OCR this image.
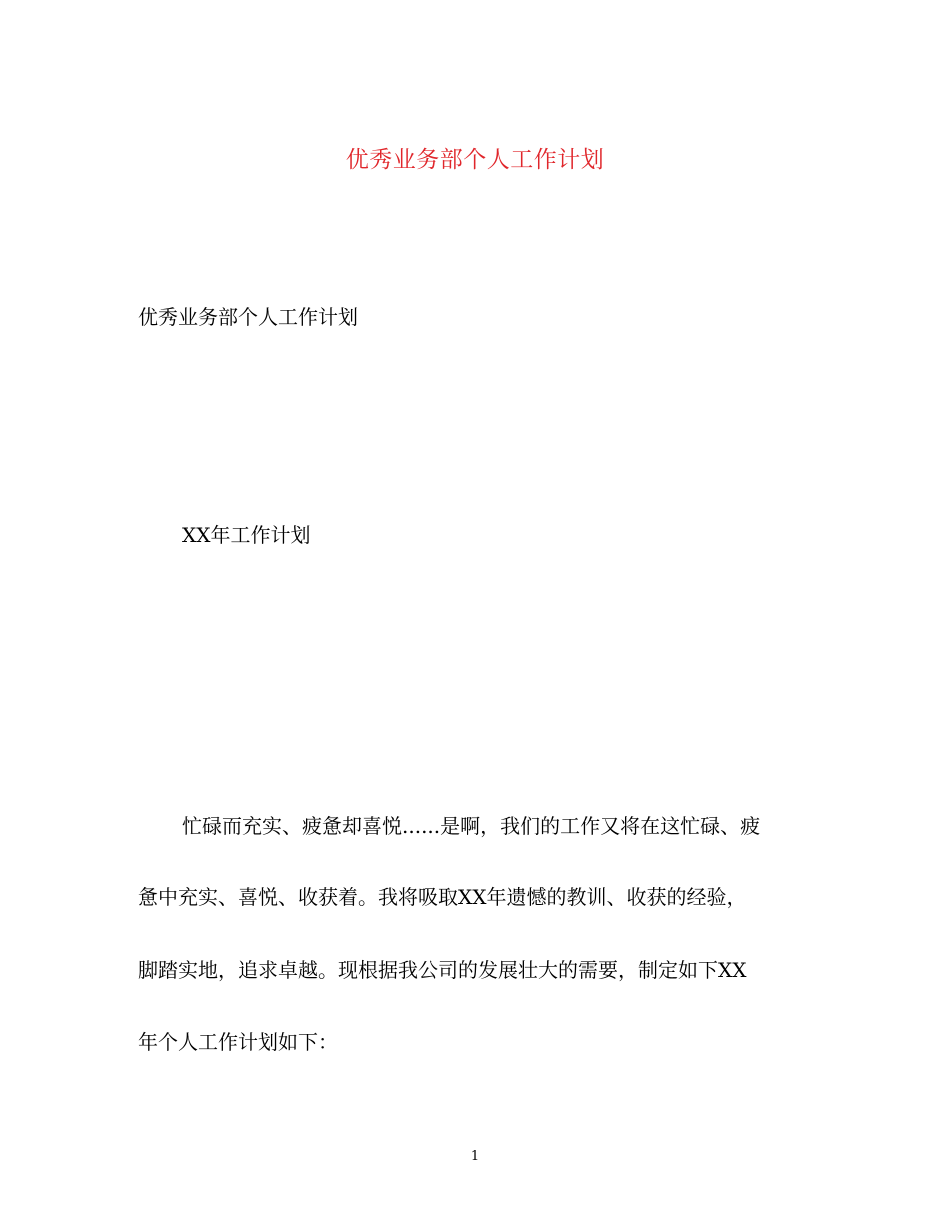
优秀业务部个人工作计划
优秀业务部个人工作计划
XX年工作计划
忙碌而充实、疲惫却喜悦......是啊，我们的工作又将在这忙碌、疲
惫中充实、喜悦、收获着。我将吸取XX年遗憾的教训、收获的经验，
脚踏实地，追求卓越。现根据我公司的发展壮大的需要，制定如下XX
年个人工作计划如下：
1
